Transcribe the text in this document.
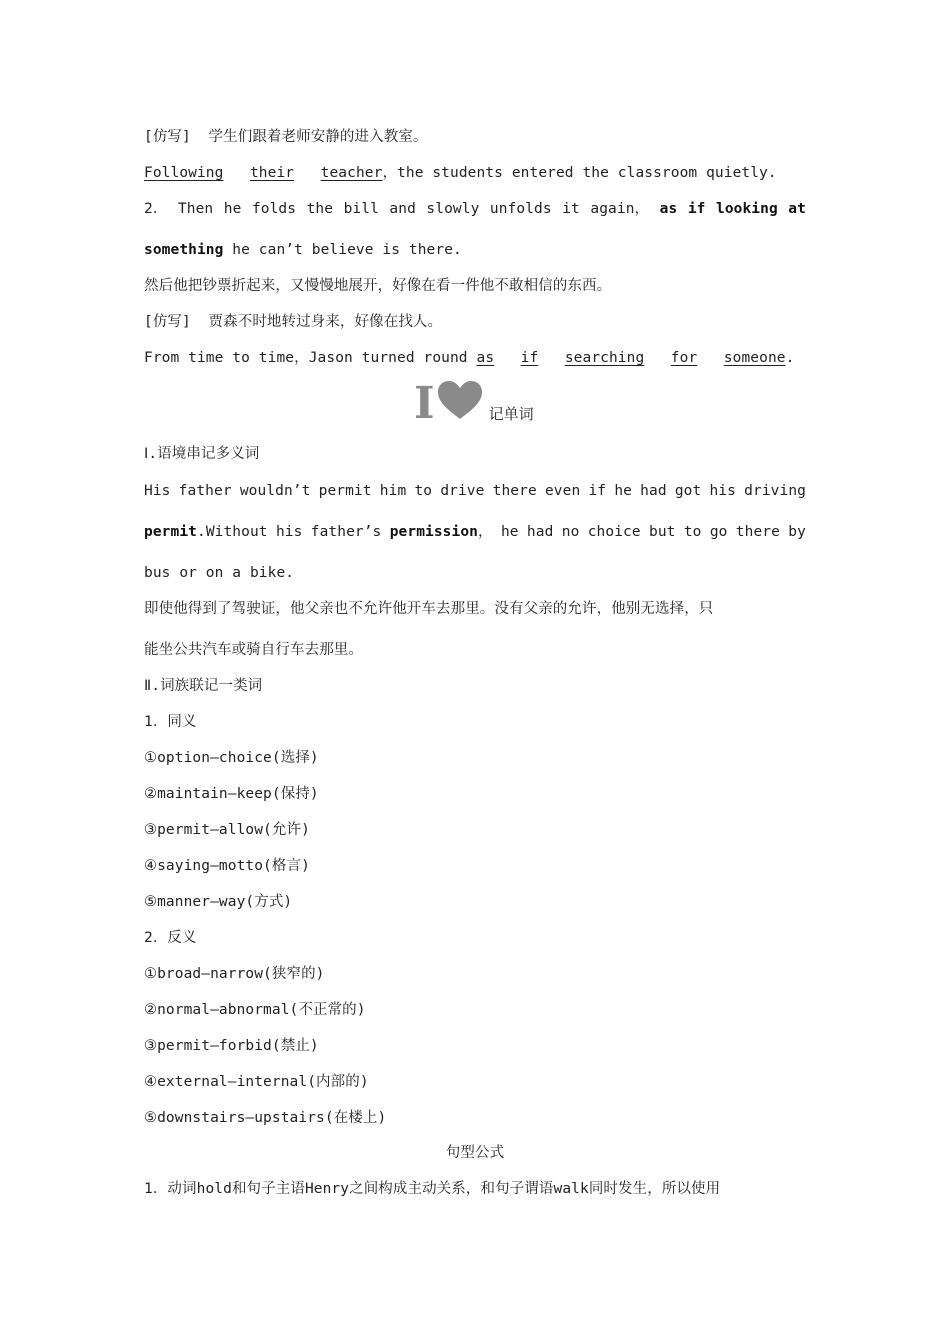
[仿写] 学生们跟着老师安静的进入教室。
Following their teacher，the students entered the classroom quietly.
2． Then he folds the bill and slowly unfolds it again， as if looking at
something he can’t believe is there.
然后他把钞票折起来，又慢慢地展开，好像在看一件他不敢相信的东西。
[仿写] 贾森不时地转过身来，好像在找人。
From time to time，Jason turned round as if searching for someone.
I	记单词
Ⅰ.语境串记多义词
His father wouldn’t permit him to drive there even if he had got his driving
permit.Without his father’s permission， he had no choice but to go there by
bus or on a bike.
即使他得到了驾驶证，他父亲也不允许他开车去那里。没有父亲的允许，他别无选择，只
能坐公共汽车或骑自行车去那里。
Ⅱ.词族联记一类词
1．同义
①option—choice(选择)
②maintain—keep(保持)
③permit—allow(允许)
④saying—motto(格言)
⑤manner—way(方式)
2．反义
①broad—narrow(狭窄的)
②normal—abnormal(不正常的)
③permit—forbid(禁止)
④external—internal(内部的)
⑤downstairs—upstairs(在楼上)
句型公式
1．动词hold和句子主语Henry之间构成主动关系，和句子谓语walk同时发生，所以使用
